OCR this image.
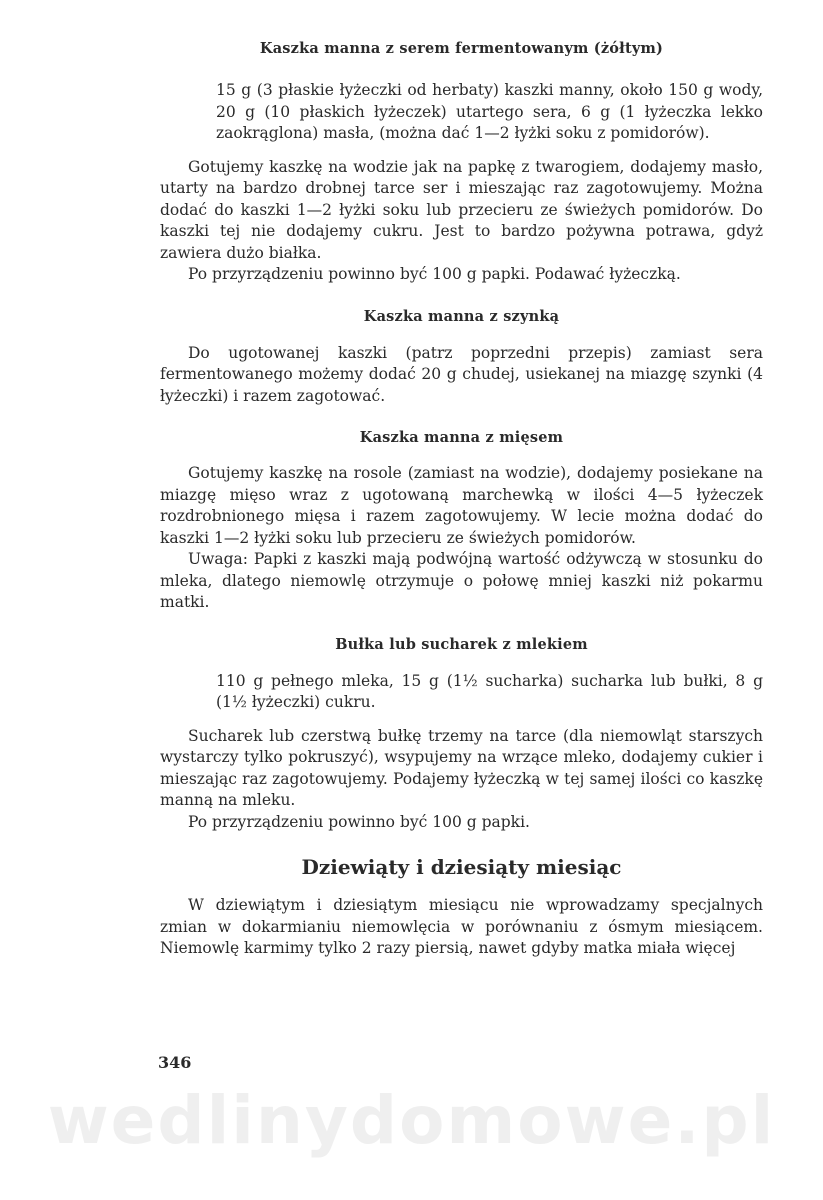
Kaszka manna z serem fermentowanym (żółtym)

15 g (3 płaskie łyżeczki od herbaty) kaszki manny, około 150 g wody, 20 g (10 płaskich łyżeczek) utartego sera, 6 g (1 łyżeczka lekko zaokrąglona) masła, (można dać 1—2 łyżki soku z pomidorów).

Gotujemy kaszkę na wodzie jak na papkę z twarogiem, dodajemy masło, utarty na bardzo drobnej tarce ser i mieszając raz zagotowujemy. Można dodać do kaszki 1—2 łyżki soku lub przecieru ze świeżych pomidorów. Do kaszki tej nie dodajemy cukru. Jest to bardzo pożywna potrawa, gdyż zawiera dużo białka.

Po przyrządzeniu powinno być 100 g papki. Podawać łyżeczką.

Kaszka manna z szynką

Do ugotowanej kaszki (patrz poprzedni przepis) zamiast sera fermentowanego możemy dodać 20 g chudej, usiekanej na miazgę szynki (4 łyżeczki) i razem zagotować.

Kaszka manna z mięsem

Gotujemy kaszkę na rosole (zamiast na wodzie), dodajemy posiekane na miazgę mięso wraz z ugotowaną marchewką w ilości 4—5 łyżeczek rozdrobnionego mięsa i razem zagotowujemy. W lecie można dodać do kaszki 1—2 łyżki soku lub przecieru ze świeżych pomidorów.

Uwaga: Papki z kaszki mają podwójną wartość odżywczą w stosunku do mleka, dlatego niemowlę otrzymuje o połowę mniej kaszki niż pokarmu matki.

Bułka lub sucharek z mlekiem

110 g pełnego mleka, 15 g (1½ sucharka) sucharka lub bułki, 8 g (1½ łyżeczki) cukru.

Sucharek lub czerstwą bułkę trzemy na tarce (dla niemowląt starszych wystarczy tylko pokruszyć), wsypujemy na wrzące mleko, dodajemy cukier i mieszając raz zagotowujemy. Podajemy łyżeczką w tej samej ilości co kaszkę manną na mleku.

Po przyrządzeniu powinno być 100 g papki.

Dziewiąty i dziesiąty miesiąc

W dziewiątym i dziesiątym miesiącu nie wprowadzamy specjalnych zmian w dokarmianiu niemowlęcia w porównaniu z ósmym miesiącem. Niemowlę karmimy tylko 2 razy piersią, nawet gdyby matka miała więcej

346

wedlinydomowe.pl
